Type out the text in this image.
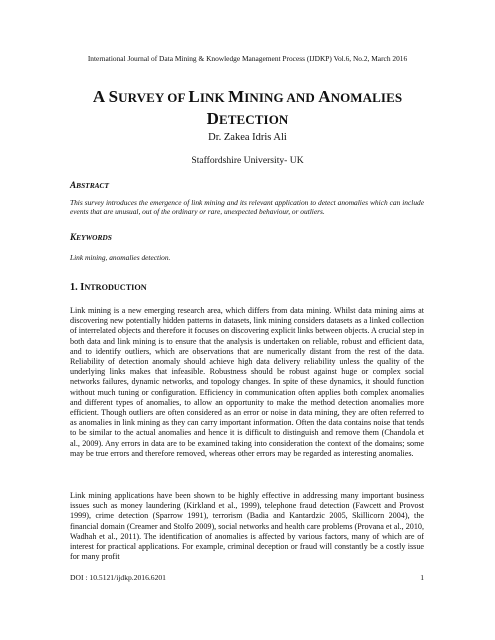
International Journal of Data Mining & Knowledge Management Process (IJDKP) Vol.6, No.2, March 2016
A SURVEY OF LINK MINING AND ANOMALIES
DETECTION
Dr. Zakea Idris Ali
Staffordshire University- UK
ABSTRACT
This survey introduces the emergence of link mining and its relevant application to detect anomalies which can include events that are unusual, out of the ordinary or rare, unexpected behaviour, or outliers.
KEYWORDS
Link mining, anomalies detection.
1. INTRODUCTION
Link mining is a new emerging research area, which differs from data mining. Whilst data mining aims at discovering new potentially hidden patterns in datasets, link mining considers datasets as a linked collection of interrelated objects and therefore it focuses on discovering explicit links between objects. A crucial step in both data and link mining is to ensure that the analysis is undertaken on reliable, robust and efficient data, and to identify outliers, which are observations that are numerically distant from the rest of the data. Reliability of detection anomaly should achieve high data delivery reliability unless the quality of the underlying links makes that infeasible. Robustness should be robust against huge or complex social networks failures, dynamic networks, and topology changes. In spite of these dynamics, it should function without much tuning or configuration. Efficiency in communication often applies both complex anomalies and different types of anomalies, to allow an opportunity to make the method detection anomalies more efficient. Though outliers are often considered as an error or noise in data mining, they are often referred to as anomalies in link mining as they can carry important information. Often the data contains noise that tends to be similar to the actual anomalies and hence it is difficult to distinguish and remove them (Chandola et al., 2009). Any errors in data are to be examined taking into consideration the context of the domains; some may be true errors and therefore removed, whereas other errors may be regarded as interesting anomalies.
Link mining applications have been shown to be highly effective in addressing many important business issues such as money laundering (Kirkland et al., 1999), telephone fraud detection (Fawcett and Provost 1999), crime detection (Sparrow 1991), terrorism (Badia and Kantardzic 2005, Skillicorn 2004), the financial domain (Creamer and Stolfo 2009), social networks and health care problems (Provana et al., 2010, Wadhah et al., 2011). The identification of anomalies is affected by various factors, many of which are of interest for practical applications. For example, criminal deception or fraud will constantly be a costly issue for many profit
DOI : 10.5121/ijdkp.2016.6201	1
